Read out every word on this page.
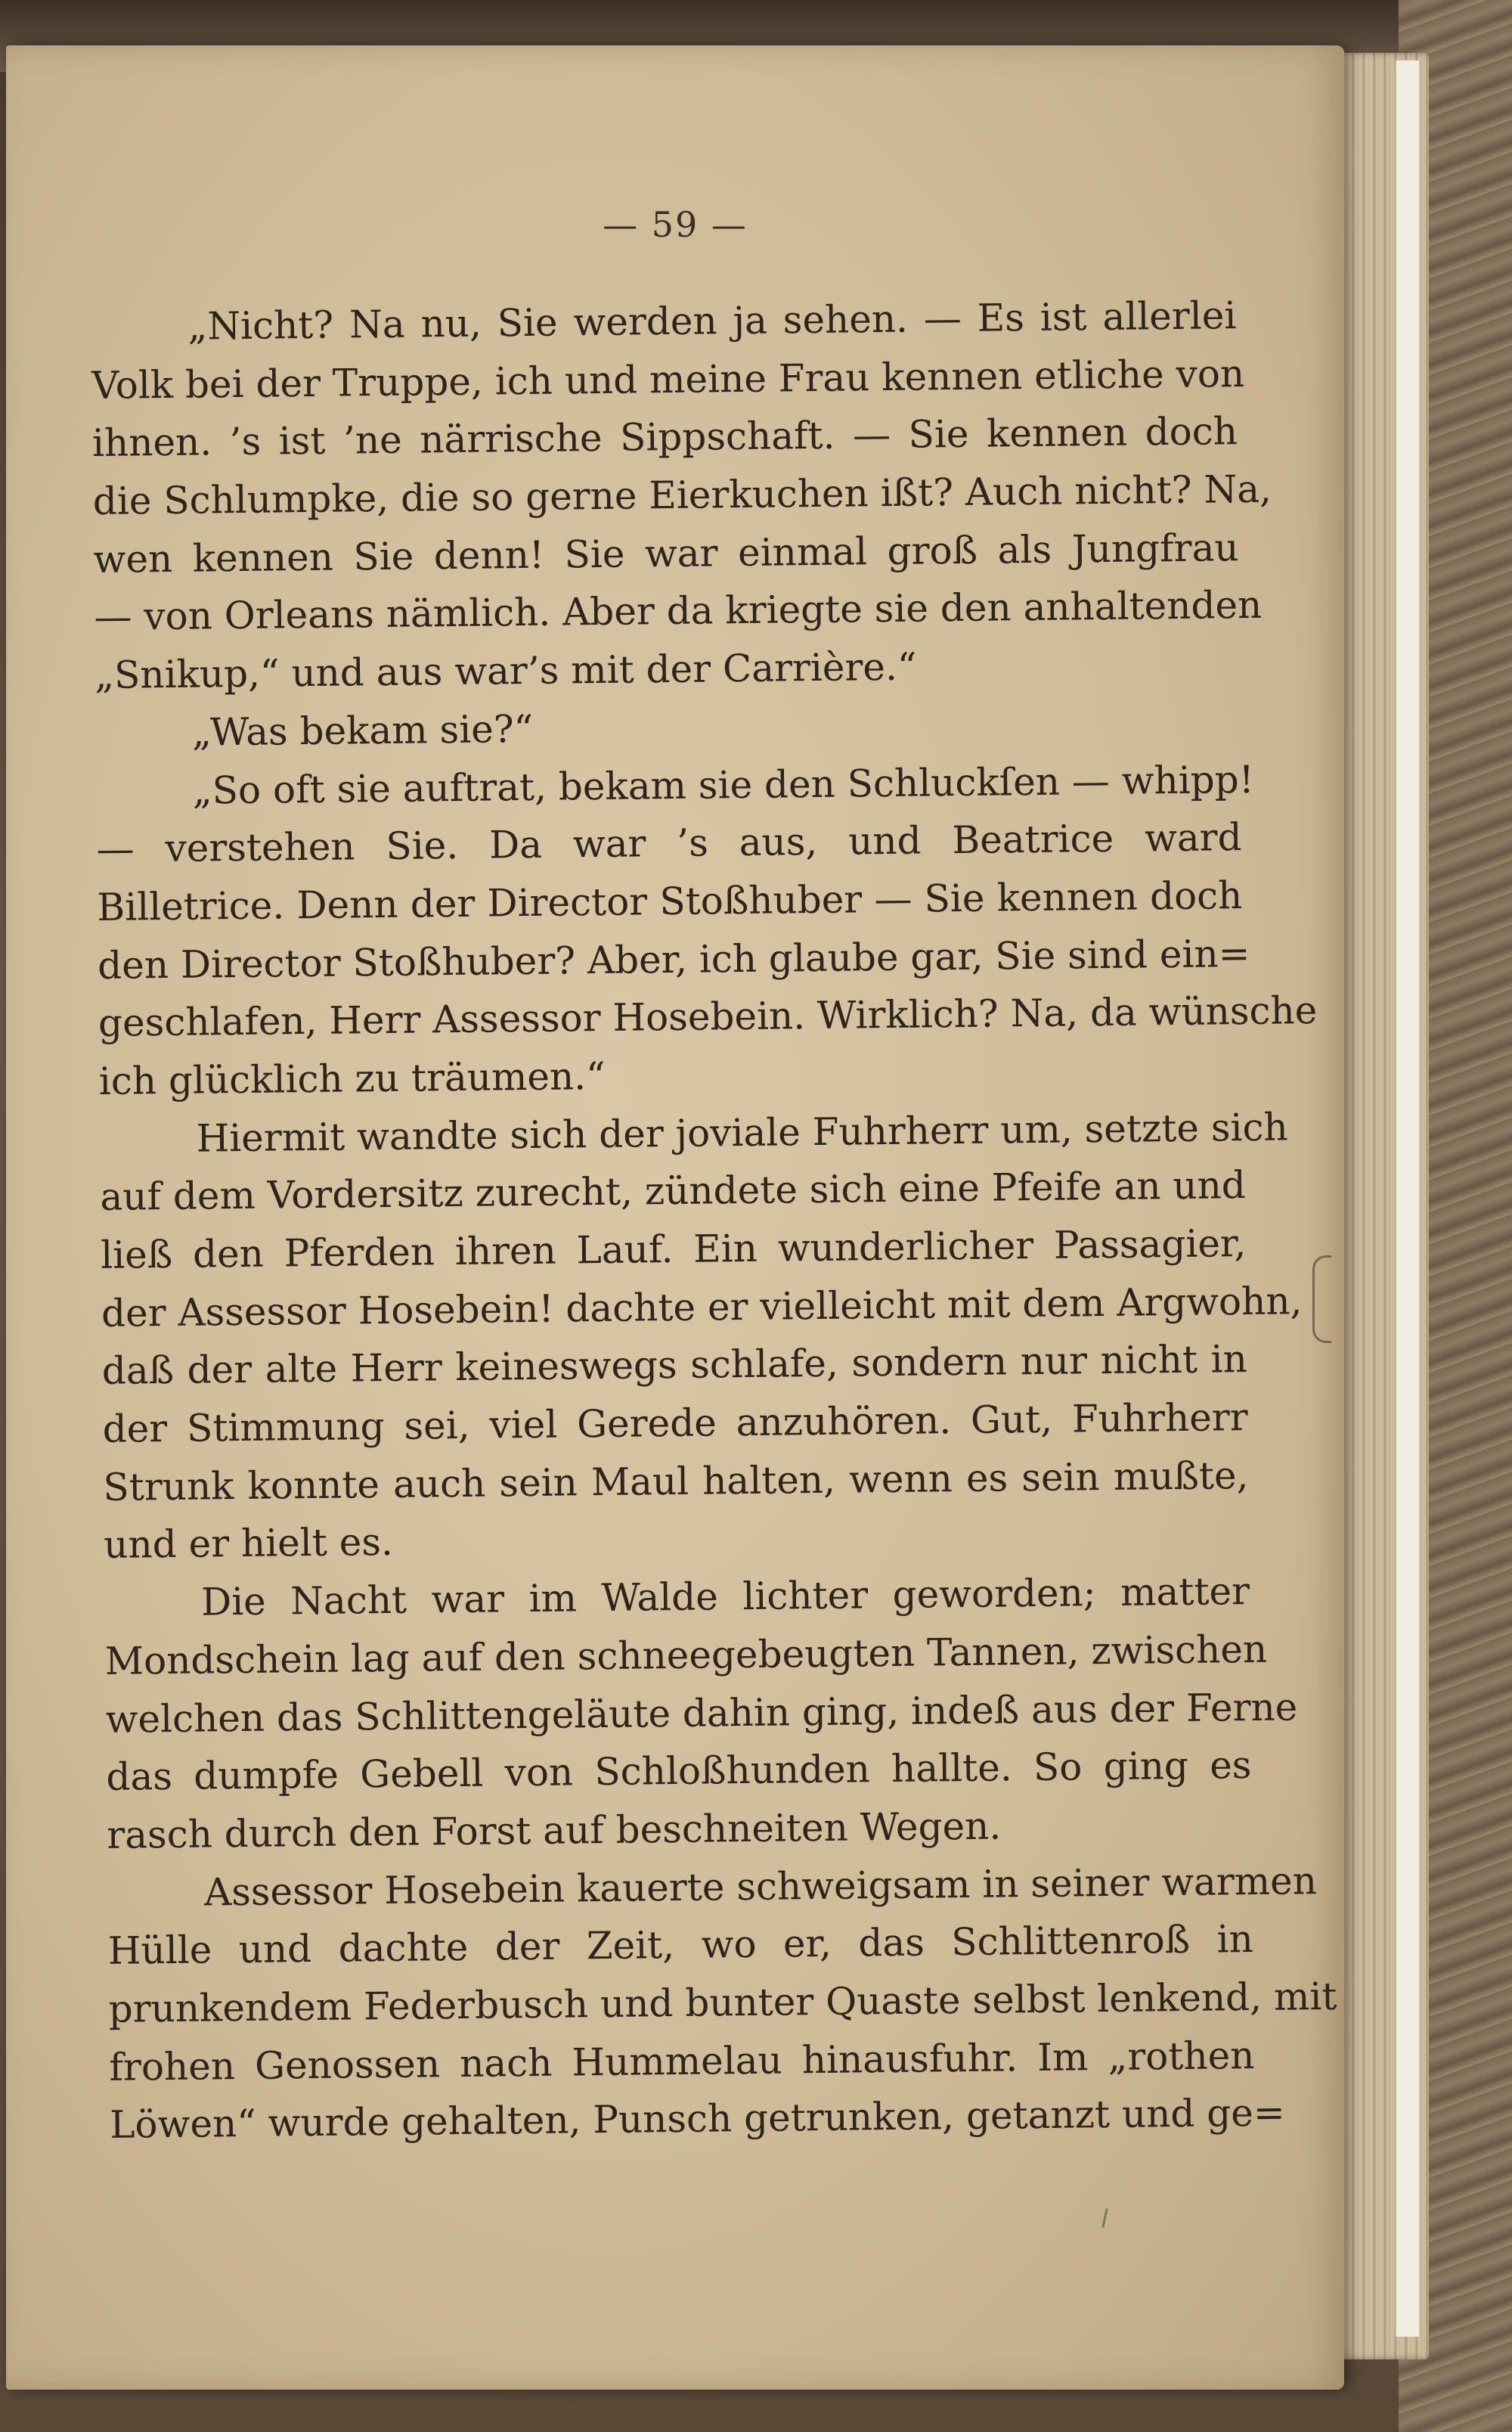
— 59 —
„Nicht? Na nu, Sie werden ja sehen. — Es ist allerlei
Volk bei der Truppe, ich und meine Frau kennen etliche von
ihnen. ’s ist ’ne närrische Sippschaft. — Sie kennen doch
die Schlumpke, die so gerne Eierkuchen ißt? Auch nicht? Na,
wen kennen Sie denn! Sie war einmal groß als Jungfrau
— von Orleans nämlich. Aber da kriegte sie den anhaltenden
„Snikup,“ und aus war’s mit der Carrière.“
„Was bekam sie?“
„So oft sie auftrat, bekam sie den Schluckſen — whipp!
— verstehen Sie. Da war ’s aus, und Beatrice ward
Billetrice. Denn der Director Stoßhuber — Sie kennen doch
den Director Stoßhuber? Aber, ich glaube gar, Sie sind ein=
geschlafen, Herr Assessor Hosebein. Wirklich? Na, da wünsche
ich glücklich zu träumen.“
Hiermit wandte sich der joviale Fuhrherr um, setzte sich
auf dem Vordersitz zurecht, zündete sich eine Pfeife an und
ließ den Pferden ihren Lauf. Ein wunderlicher Passagier,
der Assessor Hosebein! dachte er vielleicht mit dem Argwohn,
daß der alte Herr keineswegs schlafe, sondern nur nicht in
der Stimmung sei, viel Gerede anzuhören. Gut, Fuhrherr
Strunk konnte auch sein Maul halten, wenn es sein mußte,
und er hielt es.
Die Nacht war im Walde lichter geworden; matter
Mondschein lag auf den schneegebeugten Tannen, zwischen
welchen das Schlittengeläute dahin ging, indeß aus der Ferne
das dumpfe Gebell von Schloßhunden hallte. So ging es
rasch durch den Forst auf beschneiten Wegen.
Assessor Hosebein kauerte schweigsam in seiner warmen
Hülle und dachte der Zeit, wo er, das Schlittenroß in
prunkendem Federbusch und bunter Quaste selbst lenkend, mit
frohen Genossen nach Hummelau hinausfuhr. Im „rothen
Löwen“ wurde gehalten, Punsch getrunken, getanzt und ge=
